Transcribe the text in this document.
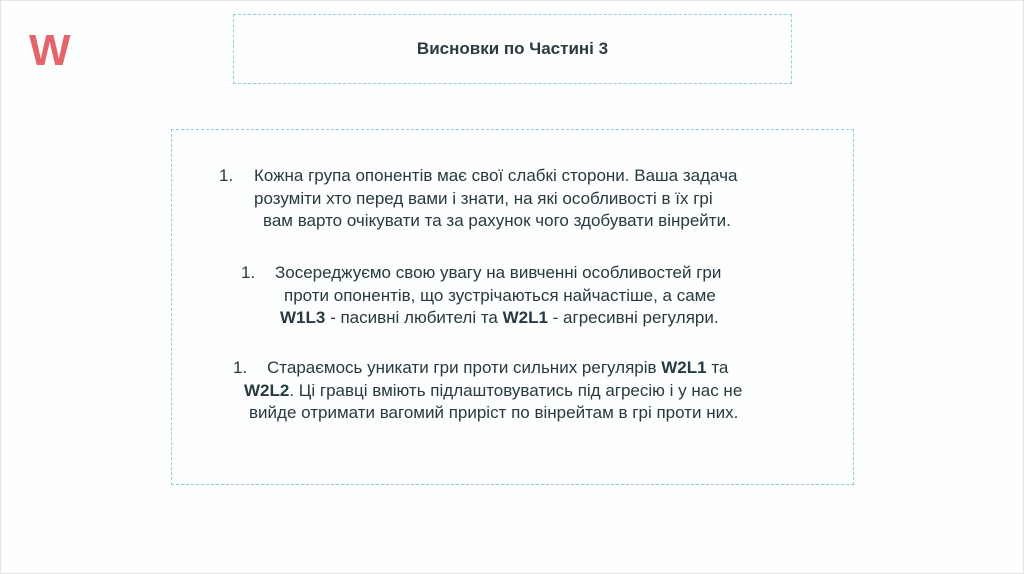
W	Висновки по Частині 3
1. Кожна група опонентів має свої слабкі сторони. Ваша задача
розуміти хто перед вами і знати, на які особливості в їх грі
вам варто очікувати та за рахунок чого здобувати вінрейти.
1. Зосереджуємо свою увагу на вивченні особливостей гри
проти опонентів, що зустрічаються найчастіше, а саме
W1L3 - пасивні любителі та W2L1 - агресивні регуляри.
1. Стараємось уникати гри проти сильних регулярів W2L1 та
W2L2. Ці гравці вміють підлаштовуватись під агресію і у нас не
вийде отримати вагомий приріст по вінрейтам в грі проти них.
